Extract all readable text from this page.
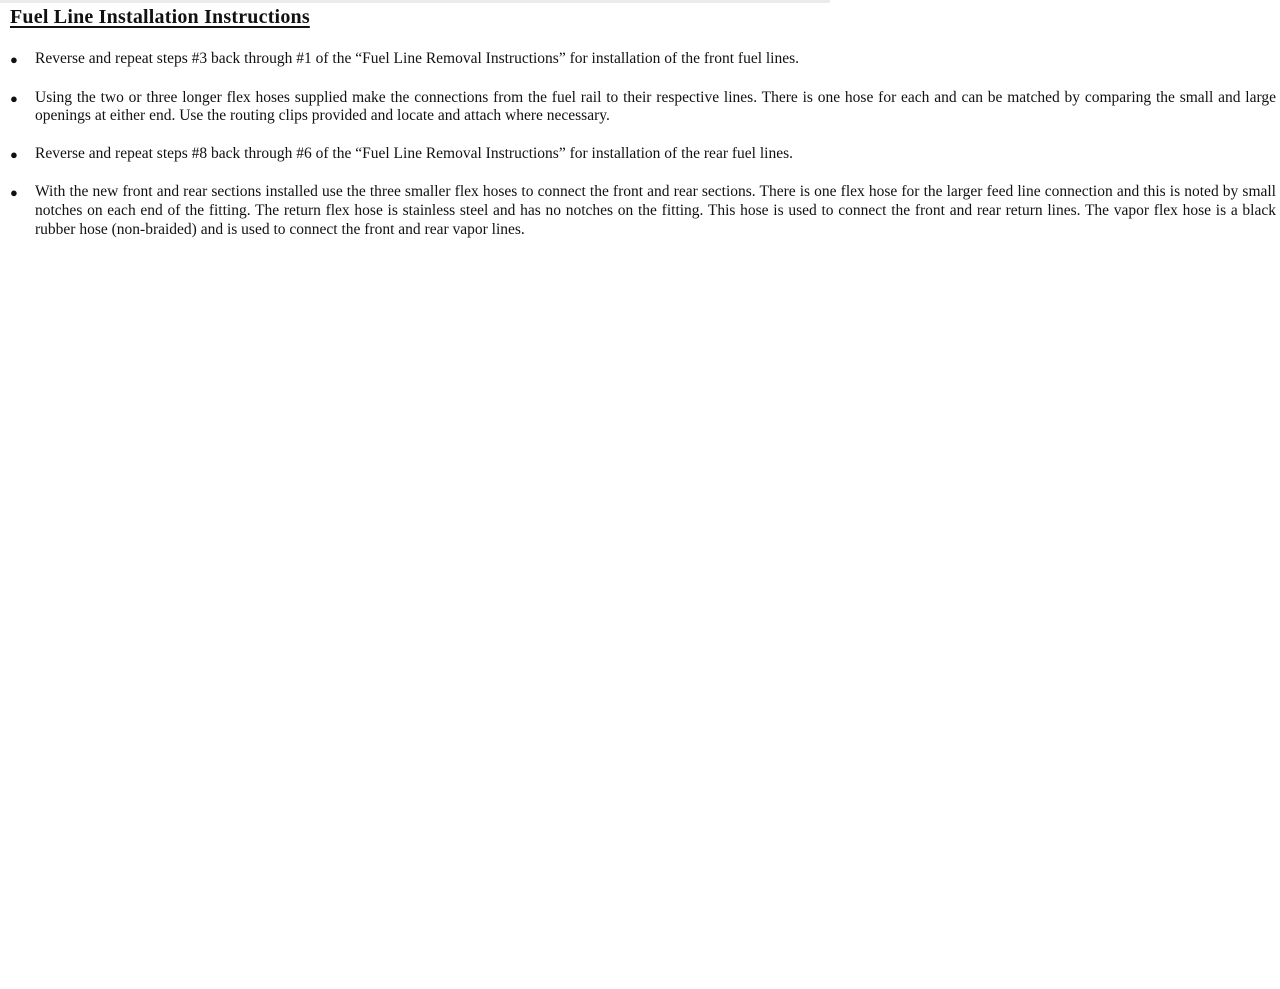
Fuel Line Installation Instructions
●	Reverse and repeat steps #3 back through #1 of the “Fuel Line Removal Instructions” for installation of the front fuel lines.
●	Using the two or three longer flex hoses supplied make the connections from the fuel rail to their respective lines. There is one hose for each and can be matched by comparing the small and large openings at either end. Use the routing clips provided and locate and attach where necessary.
●	Reverse and repeat steps #8 back through #6 of the “Fuel Line Removal Instructions” for installation of the rear fuel lines.
●	With the new front and rear sections installed use the three smaller flex hoses to connect the front and rear sections. There is one flex hose for the larger feed line connection and this is noted by small notches on each end of the fitting. The return flex hose is stainless steel and has no notches on the fitting. This hose is used to connect the front and rear return lines. The vapor flex hose is a black rubber hose (non-braided) and is used to connect the front and rear vapor lines.
